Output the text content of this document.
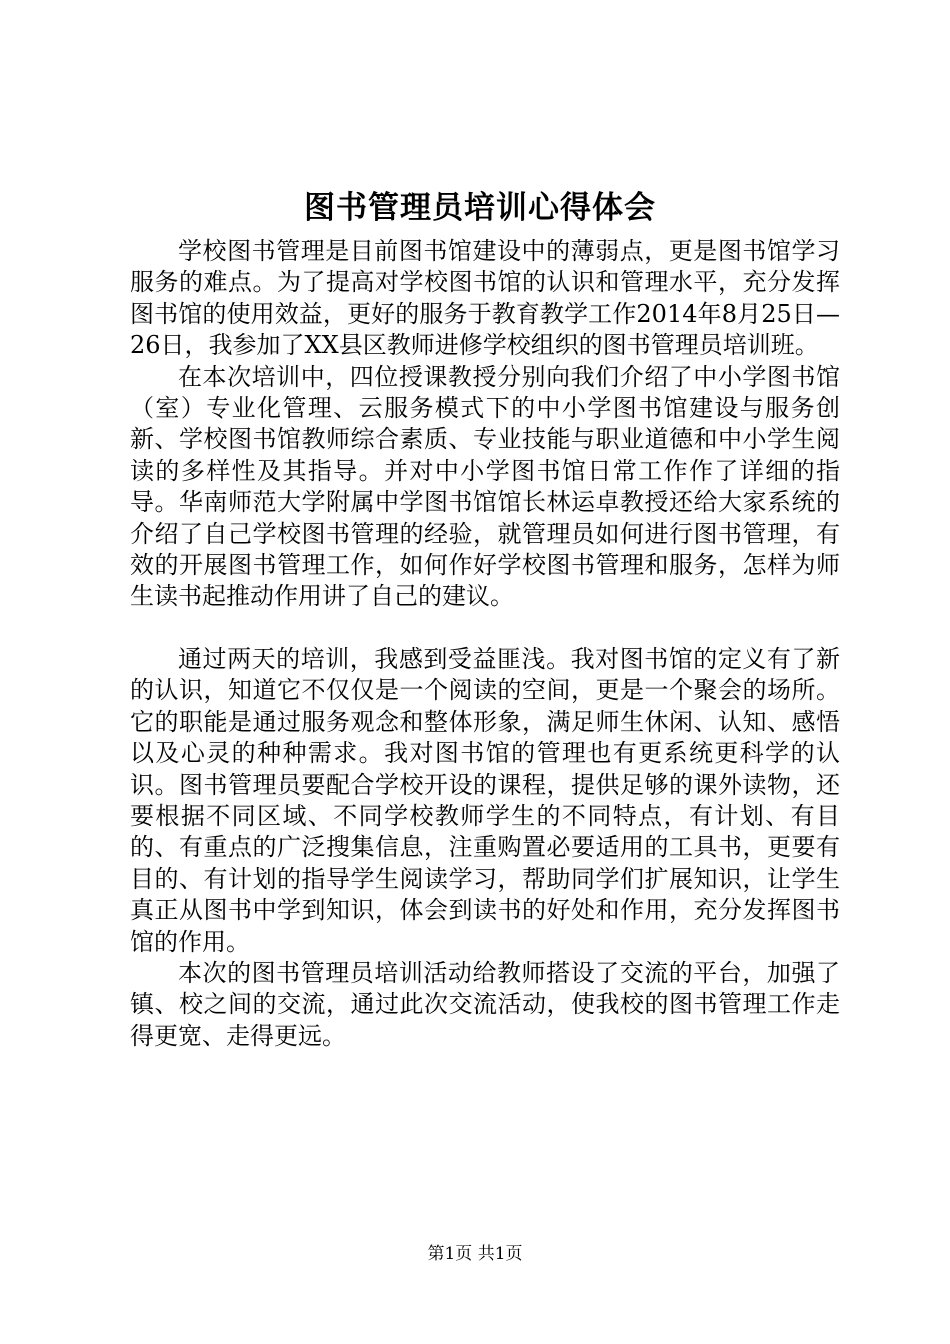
图书管理员培训心得体会

学校图书管理是目前图书馆建设中的薄弱点，更是图书馆学习服务的难点。为了提高对学校图书馆的认识和管理水平，充分发挥图书馆的使用效益，更好的服务于教育教学工作2014年8月25日—26日，我参加了XX县区教师进修学校组织的图书管理员培训班。

在本次培训中，四位授课教授分别向我们介绍了中小学图书馆（室）专业化管理、云服务模式下的中小学图书馆建设与服务创新、学校图书馆教师综合素质、专业技能与职业道德和中小学生阅读的多样性及其指导。并对中小学图书馆日常工作作了详细的指导。华南师范大学附属中学图书馆馆长林运卓教授还给大家系统的介绍了自己学校图书管理的经验，就管理员如何进行图书管理，有效的开展图书管理工作，如何作好学校图书管理和服务，怎样为师生读书起推动作用讲了自己的建议。

通过两天的培训，我感到受益匪浅。我对图书馆的定义有了新的认识，知道它不仅仅是一个阅读的空间，更是一个聚会的场所。它的职能是通过服务观念和整体形象，满足师生休闲、认知、感悟以及心灵的种种需求。我对图书馆的管理也有更系统更科学的认识。图书管理员要配合学校开设的课程，提供足够的课外读物，还要根据不同区域、不同学校教师学生的不同特点，有计划、有目的、有重点的广泛搜集信息，注重购置必要适用的工具书，更要有目的、有计划的指导学生阅读学习，帮助同学们扩展知识，让学生真正从图书中学到知识，体会到读书的好处和作用，充分发挥图书馆的作用。

本次的图书管理员培训活动给教师搭设了交流的平台，加强了镇、校之间的交流，通过此次交流活动，使我校的图书管理工作走得更宽、走得更远。

第1页 共1页
